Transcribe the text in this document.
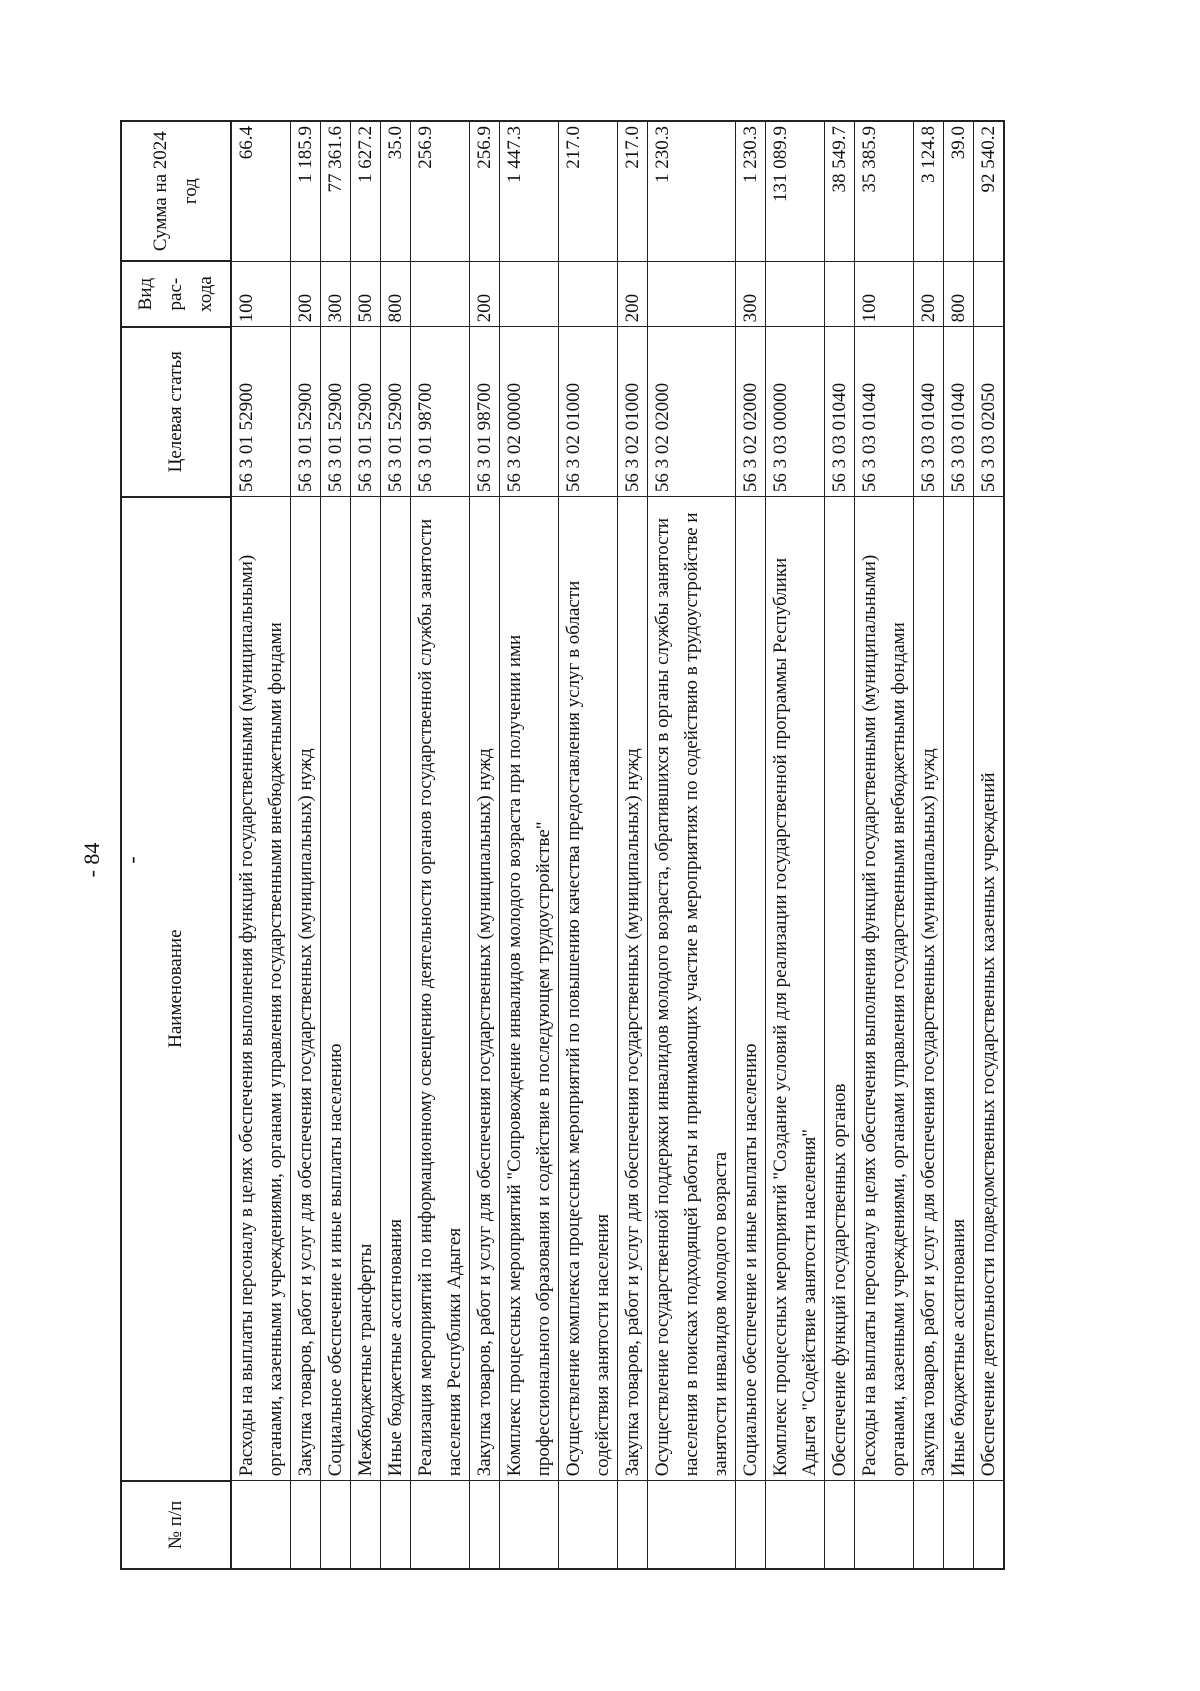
- 84 -
№ п/п	Наименование	Целевая статья	Вид рас- хода	Сумма на 2024 год
	Расходы на выплаты персоналу в целях обеспечения выполнения функций государственными (муниципальными) органами, казенными учреждениями, органами управления государственными внебюджетными фондами	56 3 01 52900	100	66.4
	Закупка товаров, работ и услуг для обеспечения государственных (муниципальных) нужд	56 3 01 52900	200	1 185.9
	Социальное обеспечение и иные выплаты населению	56 3 01 52900	300	77 361.6
	Межбюджетные трансферты	56 3 01 52900	500	1 627.2
	Иные бюджетные ассигнования	56 3 01 52900	800	35.0
	Реализация мероприятий по информационному освещению деятельности органов государственной службы занятости населения Республики Адыгея	56 3 01 98700		256.9
	Закупка товаров, работ и услуг для обеспечения государственных (муниципальных) нужд	56 3 01 98700	200	256.9
	Комплекс процессных мероприятий "Сопровождение инвалидов молодого возраста при получении ими профессионального образования и содействие в последующем трудоустройстве"	56 3 02 00000		1 447.3
	Осуществление комплекса процессных мероприятий по повышению качества предоставления услуг в области содействия занятости населения	56 3 02 01000		217.0
	Закупка товаров, работ и услуг для обеспечения государственных (муниципальных) нужд	56 3 02 01000	200	217.0
	Осуществление государственной поддержки инвалидов молодого возраста, обратившихся в органы службы занятости населения в поисках подходящей работы и принимающих участие в мероприятиях по содействию в трудоустройстве и занятости инвалидов молодого возраста	56 3 02 02000		1 230.3
	Социальное обеспечение и иные выплаты населению	56 3 02 02000	300	1 230.3
	Комплекс процессных мероприятий "Создание условий для реализации государственной программы Республики Адыгея "Содействие занятости населения"	56 3 03 00000		131 089.9
	Обеспечение функций государственных органов	56 3 03 01040		38 549.7
	Расходы на выплаты персоналу в целях обеспечения выполнения функций государственными (муниципальными) органами, казенными учреждениями, органами управления государственными внебюджетными фондами	56 3 03 01040	100	35 385.9
	Закупка товаров, работ и услуг для обеспечения государственных (муниципальных) нужд	56 3 03 01040	200	3 124.8
	Иные бюджетные ассигнования	56 3 03 01040	800	39.0
	Обеспечение деятельности подведомственных государственных казенных учреждений	56 3 03 02050		92 540.2
